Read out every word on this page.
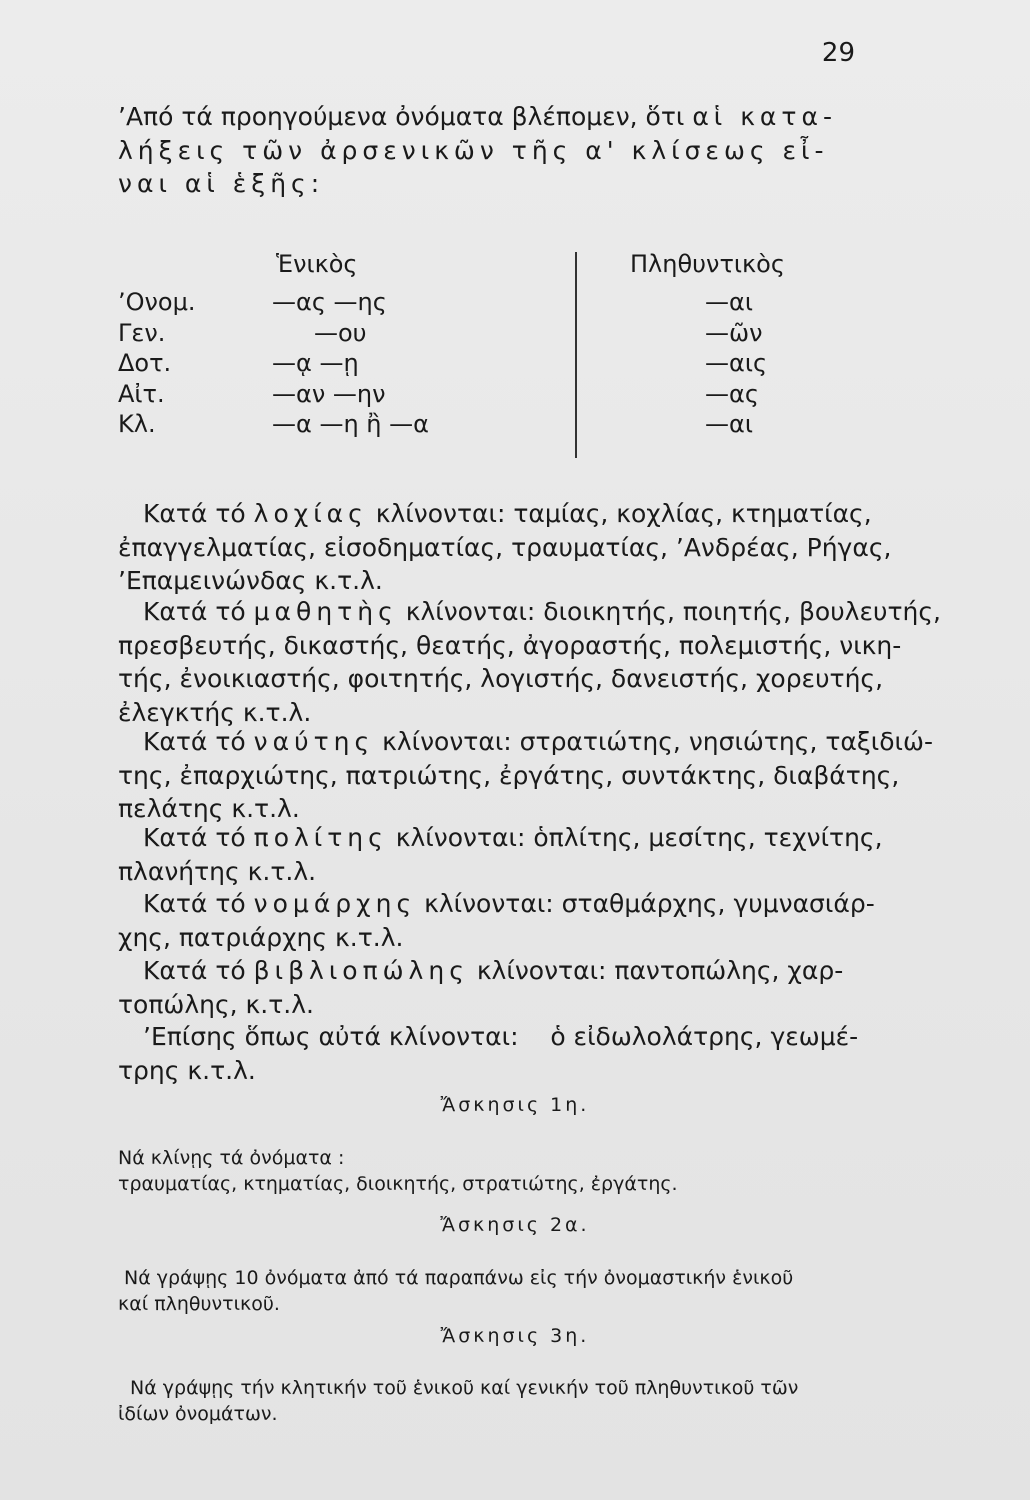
29
’Από τά προηγούμενα ὀνόματα βλέπομεν, ὅτι αἱ κατα-
λήξεις τῶν ἀρσενικῶν τῆς α' κλίσεως εἶ-
ναι αἱ ἑξῆς:
Ἑνικὸς	Πληθυντικὸς
’Ονομ.
Γεν.
Δοτ.
Αἰτ.
Κλ.
—ας —ης
—ου
—ᾳ —ῃ
—αν —ην
—α —η ἢ —α
—αι
—ῶν
—αις
—ας
—αι
Κατά τό λοχίας κλίνονται: ταμίας, κοχλίας, κτηματίας,
ἐπαγγελματίας, εἰσοδηματίας, τραυματίας, ’Ανδρέας, Ρήγας,
’Επαμεινώνδας κ.τ.λ.
Κατά τό μαθητὴς κλίνονται: διοικητής, ποιητής, βουλευτής,
πρεσβευτής, δικαστής, θεατής, ἀγοραστής, πολεμιστής, νικη-
τής, ἐνοικιαστής, φοιτητής, λογιστής, δανειστής, χορευτής,
ἐλεγκτής κ.τ.λ.
Κατά τό ναύτης κλίνονται: στρατιώτης, νησιώτης, ταξιδιώ-
της, ἐπαρχιώτης, πατριώτης, ἐργάτης, συντάκτης, διαβάτης,
πελάτης κ.τ.λ.
Κατά τό πολίτης κλίνονται: ὁπλίτης, μεσίτης, τεχνίτης,
πλανήτης κ.τ.λ.
Κατά τό νομάρχης κλίνονται: σταθμάρχης, γυμνασιάρ-
χης, πατριάρχης κ.τ.λ.
Κατά τό βιβλιοπώλης κλίνονται: παντοπώλης, χαρ-
τοπώλης, κ.τ.λ.
’Επίσης ὅπως αὐτά κλίνονται: ὁ εἰδωλολάτρης, γεωμέ-
τρης κ.τ.λ.
Ἄσκησις 1η.
Νά κλίνῃς τά ὀνόματα :
τραυματίας, κτηματίας, διοικητής, στρατιώτης, ἐργάτης.
Ἄσκησις 2α.
Νά γράψῃς 10 ὀνόματα ἀπό τά παραπάνω εἰς τήν ὀνομαστικήν ἑνικοῦ
καί πληθυντικοῦ.
Ἄσκησις 3η.
Νά γράψῃς τήν κλητικήν τοῦ ἑνικοῦ καί γενικήν τοῦ πληθυντικοῦ τῶν
ἰδίων ὀνομάτων.
